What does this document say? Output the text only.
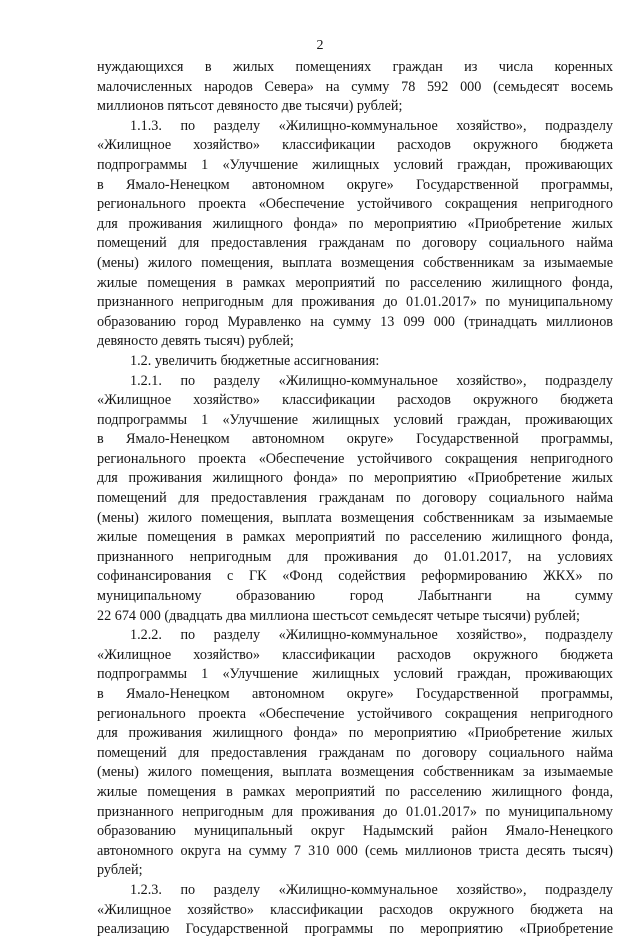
2
нуждающихся в жилых помещениях граждан из числа коренных
малочисленных народов Севера» на сумму 78 592 000 (семьдесят восемь
миллионов пятьсот девяносто две тысячи) рублей;
1.1.3. по разделу «Жилищно-коммунальное хозяйство», подразделу
«Жилищное хозяйство» классификации расходов окружного бюджета
подпрограммы 1 «Улучшение жилищных условий граждан, проживающих
в Ямало-Ненецком автономном округе» Государственной программы,
регионального проекта «Обеспечение устойчивого сокращения непригодного
для проживания жилищного фонда» по мероприятию «Приобретение жилых
помещений для предоставления гражданам по договору социального найма
(мены) жилого помещения, выплата возмещения собственникам за изымаемые
жилые помещения в рамках мероприятий по расселению жилищного фонда,
признанного непригодным для проживания до 01.01.2017» по муниципальному
образованию город Муравленко на сумму 13 099 000 (тринадцать миллионов
девяносто девять тысяч) рублей;
1.2. увеличить бюджетные ассигнования:
1.2.1. по разделу «Жилищно-коммунальное хозяйство», подразделу
«Жилищное хозяйство» классификации расходов окружного бюджета
подпрограммы 1 «Улучшение жилищных условий граждан, проживающих
в Ямало-Ненецком автономном округе» Государственной программы,
регионального проекта «Обеспечение устойчивого сокращения непригодного
для проживания жилищного фонда» по мероприятию «Приобретение жилых
помещений для предоставления гражданам по договору социального найма
(мены) жилого помещения, выплата возмещения собственникам за изымаемые
жилые помещения в рамках мероприятий по расселению жилищного фонда,
признанного непригодным для проживания до 01.01.2017, на условиях
софинансирования с ГК «Фонд содействия реформированию ЖКХ» по
муниципальному образованию город Лабытнанги на сумму
22 674 000 (двадцать два миллиона шестьсот семьдесят четыре тысячи) рублей;
1.2.2. по разделу «Жилищно-коммунальное хозяйство», подразделу
«Жилищное хозяйство» классификации расходов окружного бюджета
подпрограммы 1 «Улучшение жилищных условий граждан, проживающих
в Ямало-Ненецком автономном округе» Государственной программы,
регионального проекта «Обеспечение устойчивого сокращения непригодного
для проживания жилищного фонда» по мероприятию «Приобретение жилых
помещений для предоставления гражданам по договору социального найма
(мены) жилого помещения, выплата возмещения собственникам за изымаемые
жилые помещения в рамках мероприятий по расселению жилищного фонда,
признанного непригодным для проживания до 01.01.2017» по муниципальному
образованию муниципальный округ Надымский район Ямало-Ненецкого
автономного округа на сумму 7 310 000 (семь миллионов триста десять тысяч)
рублей;
1.2.3. по разделу «Жилищно-коммунальное хозяйство», подразделу
«Жилищное хозяйство» классификации расходов окружного бюджета на
реализацию Государственной программы по мероприятию «Приобретение
